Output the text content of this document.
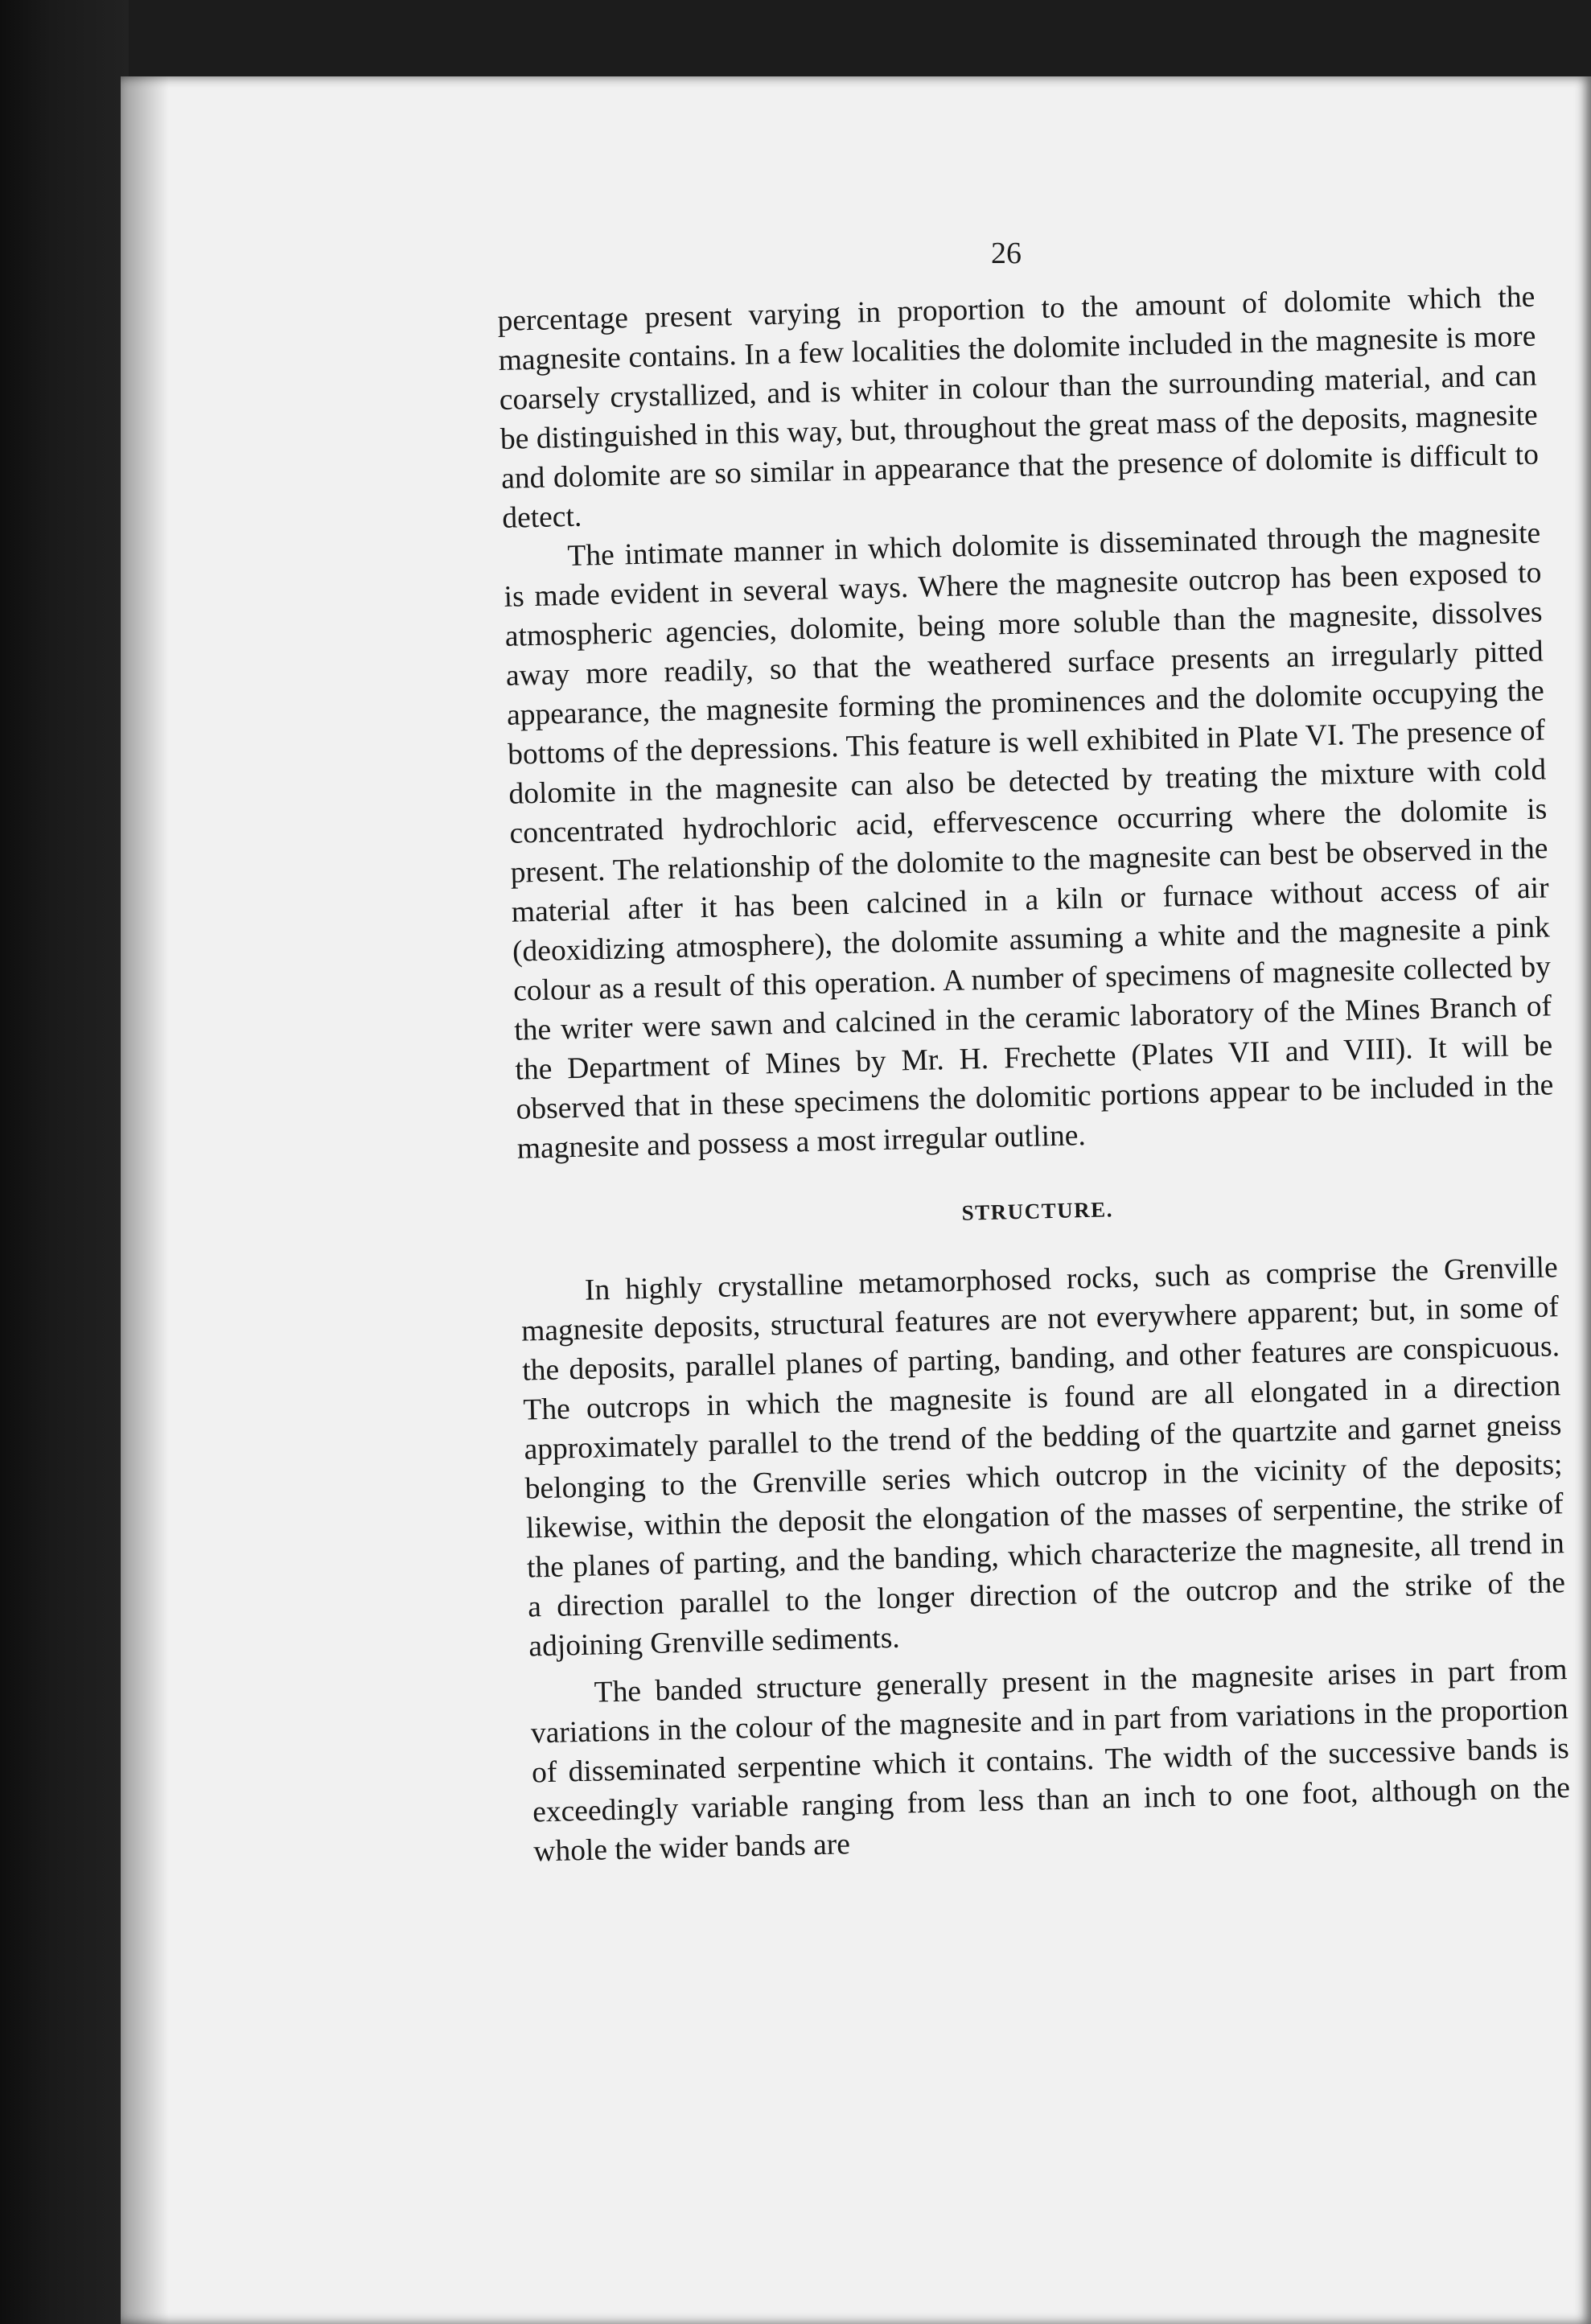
26

percentage present varying in proportion to the amount of dolomite which the magnesite contains. In a few localities the dolomite included in the magnesite is more coarsely crystallized, and is whiter in colour than the surrounding material, and can be distinguished in this way, but, throughout the great mass of the deposits, magnesite and dolomite are so similar in appearance that the presence of dolomite is difficult to detect.

The intimate manner in which dolomite is disseminated through the magnesite is made evident in several ways. Where the magnesite outcrop has been exposed to atmospheric agencies, dolomite, being more soluble than the magnesite, dissolves away more readily, so that the weathered surface presents an irregularly pitted appearance, the magnesite forming the prominences and the dolomite occupying the bottoms of the depressions. This feature is well exhibited in Plate VI. The presence of dolomite in the magnesite can also be detected by treating the mixture with cold concentrated hydrochloric acid, effervescence occurring where the dolomite is present. The relationship of the dolomite to the magnesite can best be observed in the material after it has been calcined in a kiln or furnace without access of air (deoxidizing atmosphere), the dolomite assuming a white and the magnesite a pink colour as a result of this operation. A number of specimens of magnesite collected by the writer were sawn and calcined in the ceramic laboratory of the Mines Branch of the Department of Mines by Mr. H. Frechette (Plates VII and VIII). It will be observed that in these specimens the dolomitic portions appear to be included in the magnesite and possess a most irregular outline.

STRUCTURE.

In highly crystalline metamorphosed rocks, such as comprise the Grenville magnesite deposits, structural features are not everywhere apparent; but, in some of the deposits, parallel planes of parting, banding, and other features are conspicuous. The outcrops in which the magnesite is found are all elongated in a direction approximately parallel to the trend of the bedding of the quartzite and garnet gneiss belonging to the Grenville series which outcrop in the vicinity of the deposits; likewise, within the deposit the elongation of the masses of serpentine, the strike of the planes of parting, and the banding, which characterize the magnesite, all trend in a direction parallel to the longer direction of the outcrop and the strike of the adjoining Grenville sediments.

The banded structure generally present in the magnesite arises in part from variations in the colour of the magnesite and in part from variations in the proportion of disseminated serpentine which it contains. The width of the successive bands is exceedingly variable ranging from less than an inch to one foot, although on the whole the wider bands are
